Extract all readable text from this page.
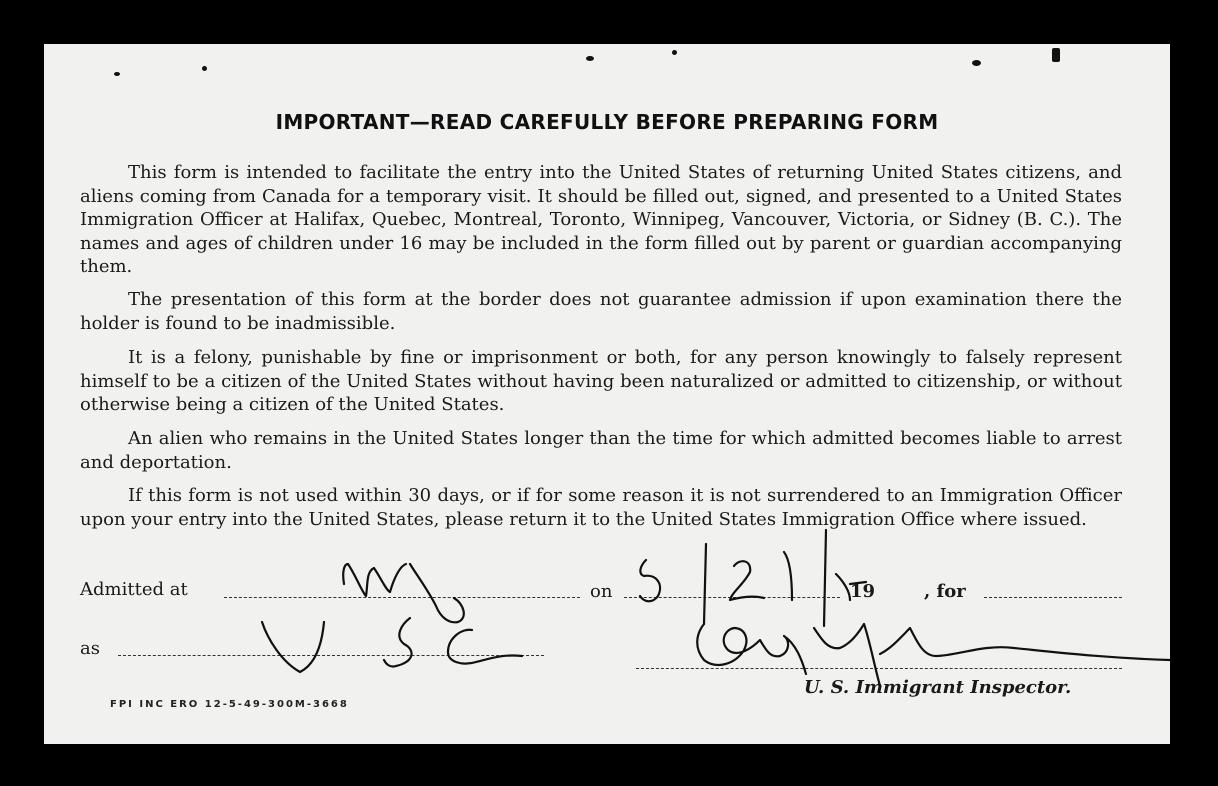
IMPORTANT—READ CAREFULLY BEFORE PREPARING FORM
This form is intended to facilitate the entry into the United States of returning United States citizens, and aliens coming from Canada for a temporary visit. It should be filled out, signed, and presented to a United States Immigration Officer at Halifax, Quebec, Montreal, Toronto, Winnipeg, Vancouver, Victoria, or Sidney (B. C.). The names and ages of children under 16 may be included in the form filled out by parent or guardian accompanying them.
The presentation of this form at the border does not guarantee admission if upon examination there the holder is found to be inadmissible.
It is a felony, punishable by fine or imprisonment or both, for any person knowingly to falsely represent himself to be a citizen of the United States without having been naturalized or admitted to citizenship, or without otherwise being a citizen of the United States.
An alien who remains in the United States longer than the time for which admitted becomes liable to arrest and deportation.
If this form is not used within 30 days, or if for some reason it is not surrendered to an Immigration Officer upon your entry into the United States, please return it to the United States Immigration Office where issued.
Admitted at	on	19	, for
as
U. S. Immigrant Inspector.
FPI INC ERO 12-5-49-300M-3668
